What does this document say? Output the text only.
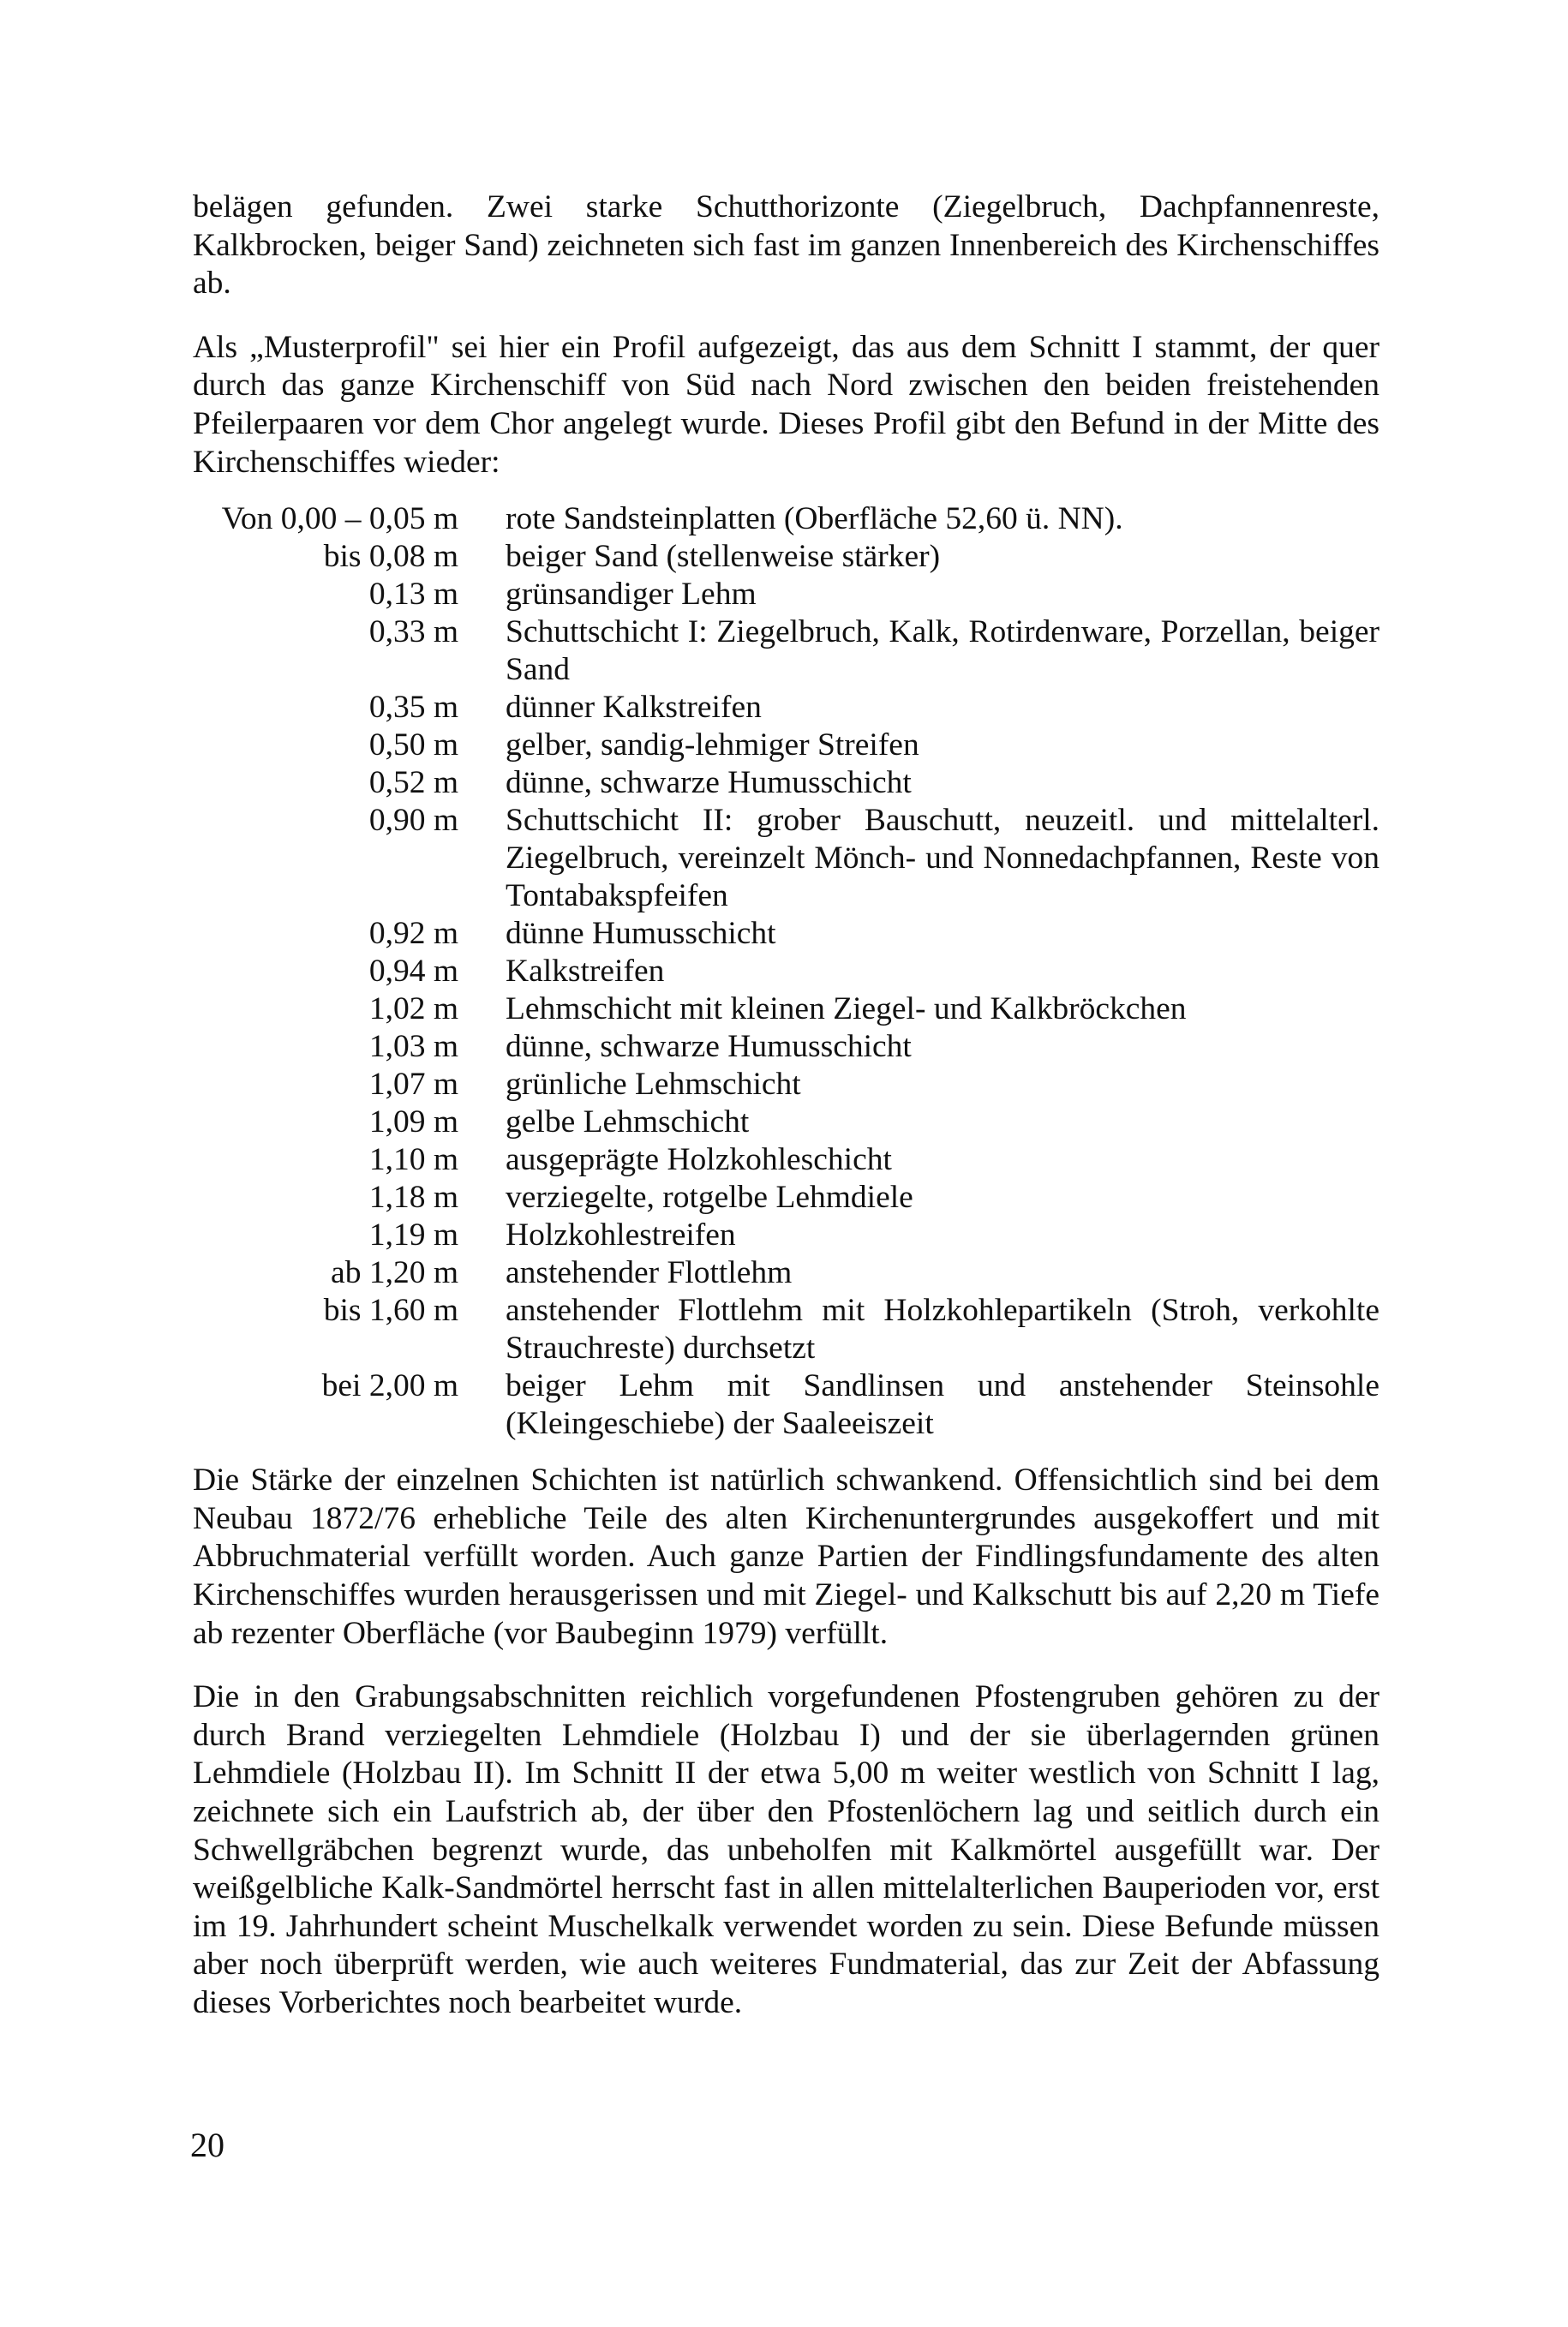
belägen gefunden. Zwei starke Schutthorizonte (Ziegelbruch, Dachpfannenreste, Kalkbrocken, beiger Sand) zeichneten sich fast im ganzen Innenbereich des Kirchenschiffes ab.

Als „Musterprofil" sei hier ein Profil aufgezeigt, das aus dem Schnitt I stammt, der quer durch das ganze Kirchenschiff von Süd nach Nord zwischen den beiden freistehenden Pfeilerpaaren vor dem Chor angelegt wurde. Dieses Profil gibt den Befund in der Mitte des Kirchenschiffes wieder:

Von 0,00 – 0,05 m	rote Sandsteinplatten (Oberfläche 52,60 ü. NN).
bis 0,08 m	beiger Sand (stellenweise stärker)
0,13 m	grünsandiger Lehm
0,33 m	Schuttschicht I: Ziegelbruch, Kalk, Rotirdenware, Porzellan, beiger Sand
0,35 m	dünner Kalkstreifen
0,50 m	gelber, sandig-lehmiger Streifen
0,52 m	dünne, schwarze Humusschicht
0,90 m	Schuttschicht II: grober Bauschutt, neuzeitl. und mittelalterl. Ziegelbruch, vereinzelt Mönch- und Nonnedachpfannen, Reste von Tontabakspfeifen
0,92 m	dünne Humusschicht
0,94 m	Kalkstreifen
1,02 m	Lehmschicht mit kleinen Ziegel- und Kalkbröckchen
1,03 m	dünne, schwarze Humusschicht
1,07 m	grünliche Lehmschicht
1,09 m	gelbe Lehmschicht
1,10 m	ausgeprägte Holzkohleschicht
1,18 m	verziegelte, rotgelbe Lehmdiele
1,19 m	Holzkohlestreifen
ab 1,20 m	anstehender Flottlehm
bis 1,60 m	anstehender Flottlehm mit Holzkohlepartikeln (Stroh, verkohlte Strauchreste) durchsetzt
bei 2,00 m	beiger Lehm mit Sandlinsen und anstehender Steinsohle (Kleingeschiebe) der Saaleeiszeit

Die Stärke der einzelnen Schichten ist natürlich schwankend. Offensichtlich sind bei dem Neubau 1872/76 erhebliche Teile des alten Kirchenuntergrundes ausgekoffert und mit Abbruchmaterial verfüllt worden. Auch ganze Partien der Findlingsfundamente des alten Kirchenschiffes wurden herausgerissen und mit Ziegel- und Kalkschutt bis auf 2,20 m Tiefe ab rezenter Oberfläche (vor Baubeginn 1979) verfüllt.

Die in den Grabungsabschnitten reichlich vorgefundenen Pfostengruben gehören zu der durch Brand verziegelten Lehmdiele (Holzbau I) und der sie überlagernden grünen Lehmdiele (Holzbau II). Im Schnitt II der etwa 5,00 m weiter westlich von Schnitt I lag, zeichnete sich ein Laufstrich ab, der über den Pfostenlöchern lag und seitlich durch ein Schwellgräbchen begrenzt wurde, das unbeholfen mit Kalkmörtel ausgefüllt war. Der weißgelbliche Kalk-Sandmörtel herrscht fast in allen mittelalterlichen Bauperioden vor, erst im 19. Jahrhundert scheint Muschelkalk verwendet worden zu sein. Diese Befunde müssen aber noch überprüft werden, wie auch weiteres Fundmaterial, das zur Zeit der Abfassung dieses Vorberichtes noch bearbeitet wurde.

20
